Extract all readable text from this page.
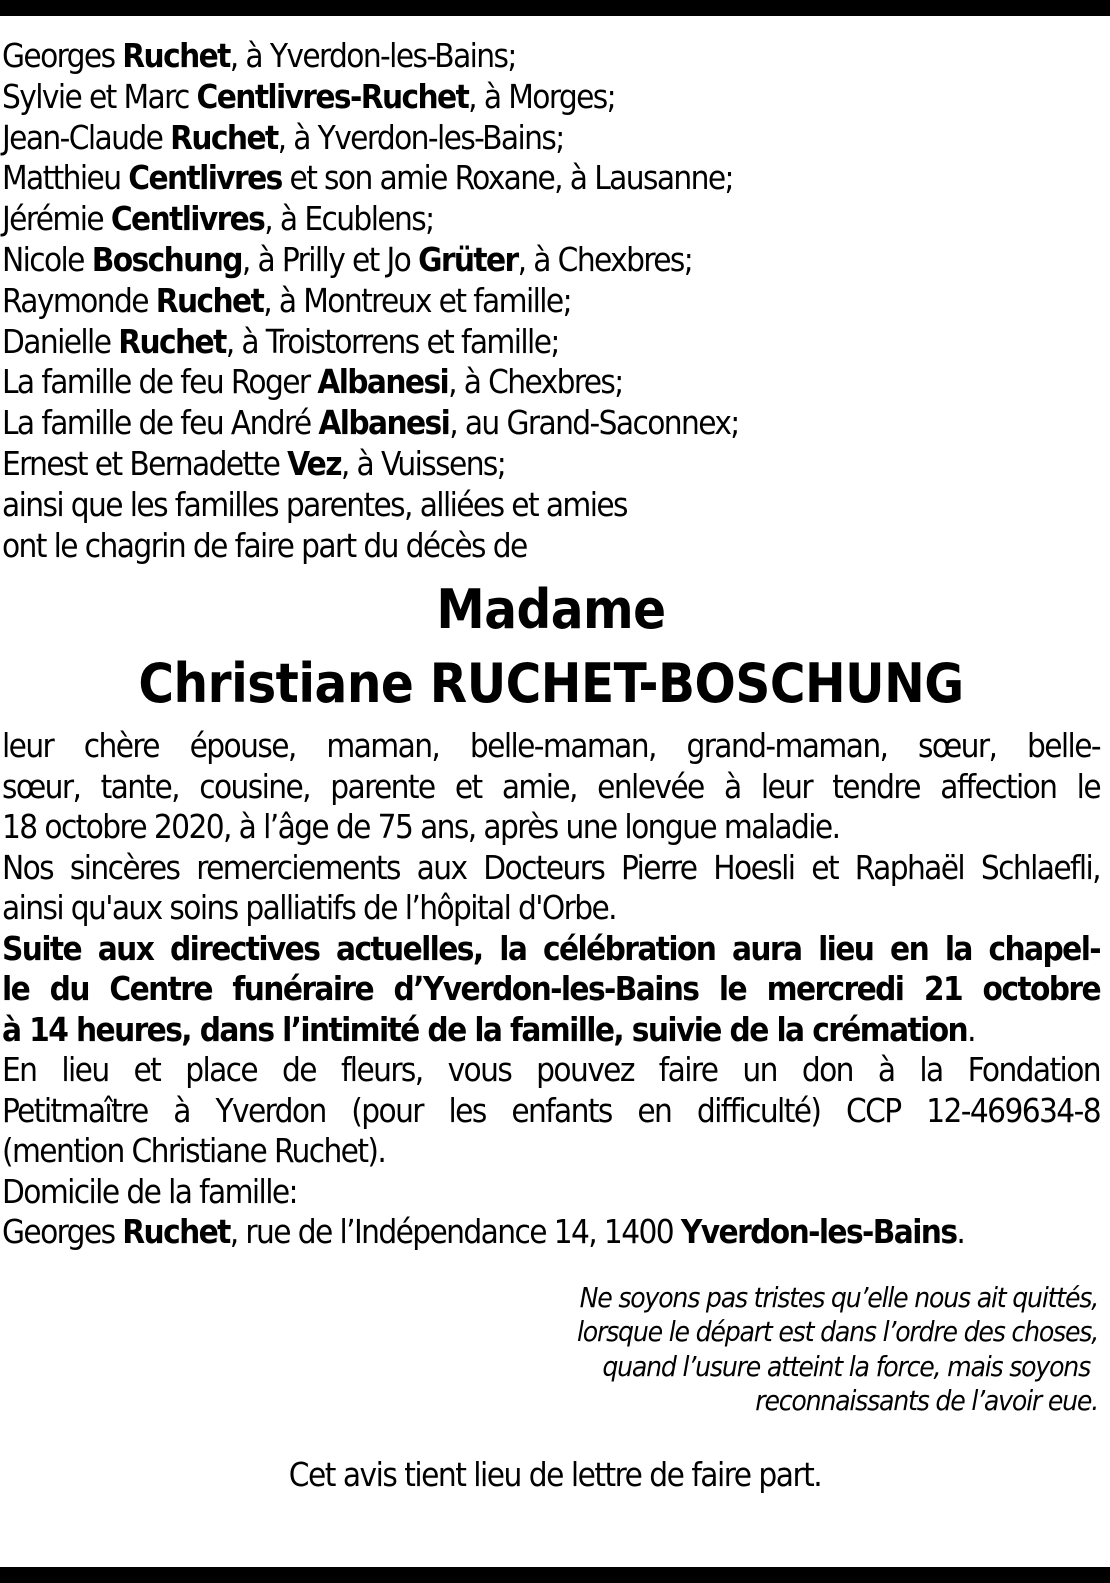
Georges Ruchet, à Yverdon-les-Bains;
Sylvie et Marc Centlivres-Ruchet, à Morges;
Jean-Claude Ruchet, à Yverdon-les-Bains;
Matthieu Centlivres et son amie Roxane, à Lausanne;
Jérémie Centlivres, à Ecublens;
Nicole Boschung, à Prilly et Jo Grüter, à Chexbres;
Raymonde Ruchet, à Montreux et famille;
Danielle Ruchet, à Troistorrens et famille;
La famille de feu Roger Albanesi, à Chexbres;
La famille de feu André Albanesi, au Grand-Saconnex;
Ernest et Bernadette Vez, à Vuissens;
ainsi que les familles parentes, alliées et amies
ont le chagrin de faire part du décès de
Madame
Christiane RUCHET-BOSCHUNG
leur chère épouse, maman, belle-maman, grand-maman, sœur, belle-
sœur, tante, cousine, parente et amie, enlevée à leur tendre affection le
18 octobre 2020, à l’âge de 75 ans, après une longue maladie.
Nos sincères remerciements aux Docteurs Pierre Hoesli et Raphaël Schlaefli,
ainsi qu'aux soins palliatifs de l’hôpital d'Orbe.
Suite aux directives actuelles, la célébration aura lieu en la chapel-
le du Centre funéraire d’Yverdon-les-Bains le mercredi 21 octobre
à 14 heures, dans l’intimité de la famille, suivie de la crémation.
En lieu et place de fleurs, vous pouvez faire un don à la Fondation
Petitmaître à Yverdon (pour les enfants en difficulté) CCP 12-469634-8
(mention Christiane Ruchet).
Domicile de la famille:
Georges Ruchet, rue de l’Indépendance 14, 1400 Yverdon-les-Bains.
Ne soyons pas tristes qu’elle nous ait quittés,
lorsque le départ est dans l’ordre des choses,
quand l’usure atteint la force, mais soyons
reconnaissants de l’avoir eue.
Cet avis tient lieu de lettre de faire part.
